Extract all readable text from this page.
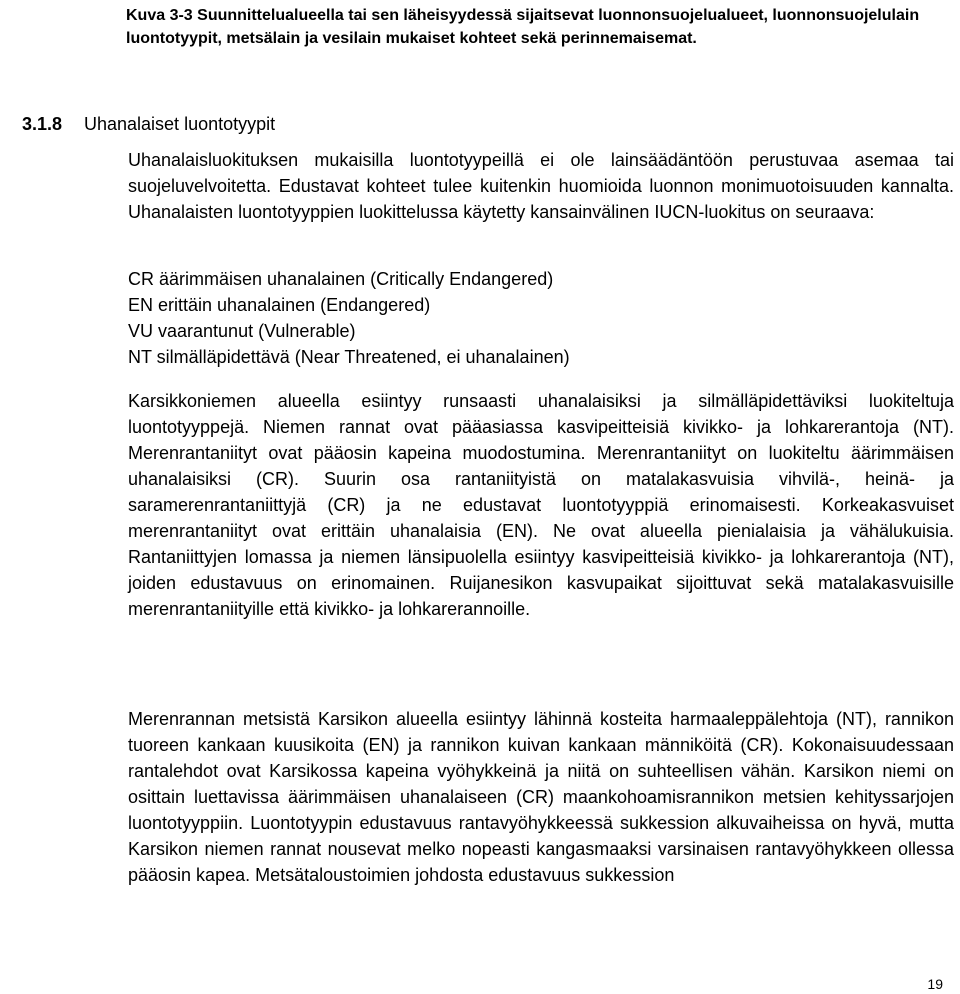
Kuva 3-3 Suunnittelualueella tai sen läheisyydessä sijaitsevat luonnonsuojelualueet, luonnonsuojelulain luontotyypit, metsälain ja vesilain mukaiset kohteet sekä perinnemaisemat.
3.1.8 Uhanalaiset luontotyypit

Uhanalaisluokituksen mukaisilla luontotyypeillä ei ole lainsäädäntöön perustuvaa asemaa tai suojeluvelvoitetta. Edustavat kohteet tulee kuitenkin huomioida luonnon monimuotoisuuden kannalta. Uhanalaisten luontotyyppien luokittelussa käytetty kansainvälinen IUCN-luokitus on seuraava:

CR äärimmäisen uhanalainen (Critically Endangered)
EN erittäin uhanalainen (Endangered)
VU vaarantunut (Vulnerable)
NT silmälläpidettävä (Near Threatened, ei uhanalainen)

Karsikkoniemen alueella esiintyy runsaasti uhanalaisiksi ja silmälläpidettäviksi luokiteltuja luontotyyppejä. Niemen rannat ovat pääasiassa kasvipeitteisiä kivikko- ja lohkarerantoja (NT). Merenrantaniityt ovat pääosin kapeina muodostumina. Merenrantaniityt on luokiteltu äärimmäisen uhanalaisiksi (CR). Suurin osa rantaniityistä on matalakasvuisia vihvilä-, heinä- ja saramerenrantaniittyjä (CR) ja ne edustavat luontotyyppiä erinomaisesti. Korkeakasvuiset merenrantaniityt ovat erittäin uhanalaisia (EN). Ne ovat alueella pienialaisia ja vähälukuisia. Rantaniittyjen lomassa ja niemen länsipuolella esiintyy kasvipeitteisiä kivikko- ja lohkarerantoja (NT), joiden edustavuus on erinomainen. Ruijanesikon kasvupaikat sijoittuvat sekä matalakasvuisille merenrantaniityille että kivikko- ja lohkarerannoille.

Merenrannan metsistä Karsikon alueella esiintyy lähinnä kosteita harmaaleppälehtoja (NT), rannikon tuoreen kankaan kuusikoita (EN) ja rannikon kuivan kankaan männiköitä (CR). Kokonaisuudessaan rantalehdot ovat Karsikossa kapeina vyöhykkeinä ja niitä on suhteellisen vähän. Karsikon niemi on osittain luettavissa äärimmäisen uhanalaiseen (CR) maankohoamisrannikon metsien kehityssarjojen luontotyyppiin. Luontotyypin edustavuus rantavyöhykkeessä sukkession alkuvaiheissa on hyvä, mutta Karsikon niemen rannat nousevat melko nopeasti kangasmaaksi varsinaisen rantavyöhykkeen ollessa pääosin kapea. Metsätaloustoimien johdosta edustavuus sukkession

19
